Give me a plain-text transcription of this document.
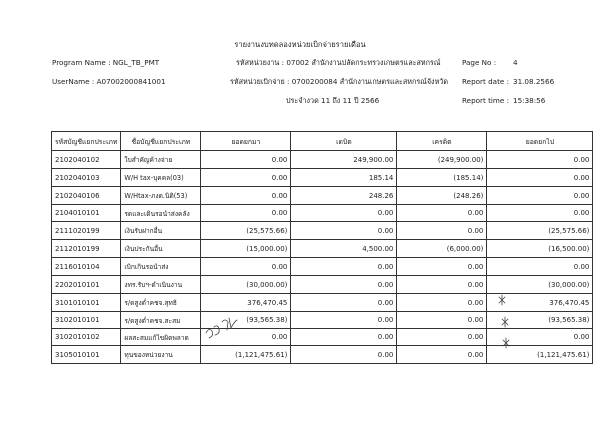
รายงานงบทดลองหน่วยเบิกจ่ายรายเดือน
Program Name : NGL_TB_PMT
UserName : A07002000841001
รหัสหน่วยงาน : 07002 สำนักงานปลัดกระทรวงเกษตรและสหกรณ์
รหัสหน่วยเบิกจ่าย : 0700200084 สำนักงานเกษตรและสหกรณ์จังหวัด
ประจำงวด 11 ถึง 11 ปี 2566
Page No : 4
Report date : 31.08.2566
Report time : 15:38:56
รหัสบัญชีแยกประเภท	ชื่อบัญชีแยกประเภท	ยอดยกมา	เดบิต	เครดิต	ยอดยกไป
2102040102	ใบสำคัญค้างจ่าย	0.00	249,900.00	(249,900.00)	0.00
2102040103	W/H tax-บุคคล(03)	0.00	185.14	(185.14)	0.00
2102040106	W/Htax-ภงด.นิติ(53)	0.00	248.26	(248.26)	0.00
2104010101	รดและเดินรอนำส่งคลัง	0.00	0.00	0.00	0.00
2111020199	เงินรับฝากอื่น	(25,575.66)	0.00	0.00	(25,575.66)
2112010199	เงินประกันอื่น	(15,000.00)	4,500.00	(6,000.00)	(16,500.00)
2116010104	เบิกเกินรอนำส่ง	0.00	0.00	0.00	0.00
2202010101	งทร.รับฯ-ดำเนินงาน	(30,000.00)	0.00	0.00	(30,000.00)
3101010101	ร/ดสูงต่ำคชจ.สุทธิ	376,470.45	0.00	0.00	376,470.45
3102010101	ร/ดสูงต่ำคชจ.สะสม	(93,565.38)	0.00	0.00	(93,565.38)
3102010102	ผลสะสมแก้ไขผิดพลาด	0.00	0.00	0.00	0.00
3105010101	ทุนของหน่วยงาน	(1,121,475.61)	0.00	0.00	(1,121,475.61)
